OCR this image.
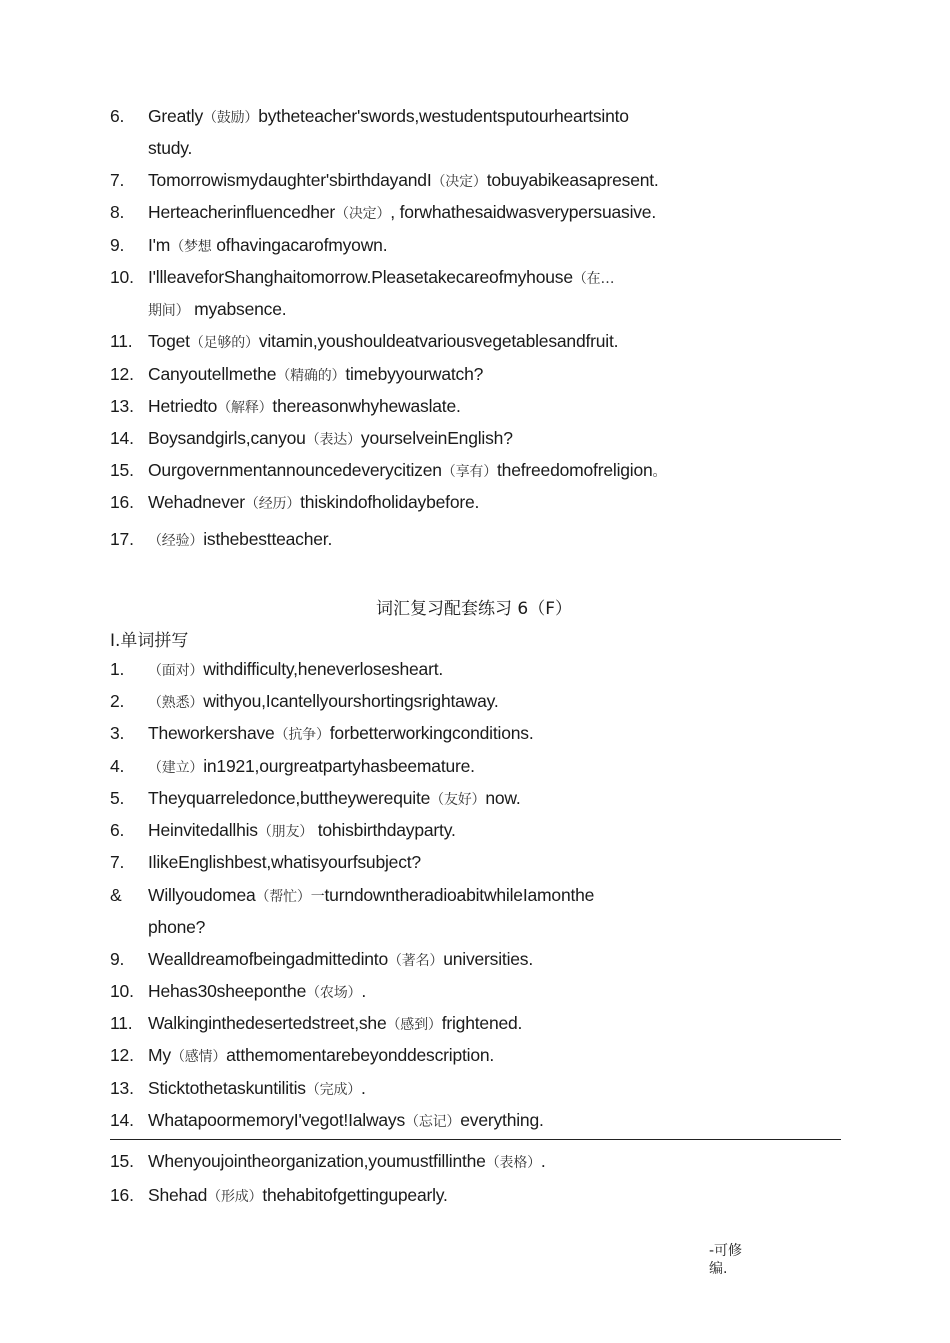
6. Greatly（鼓励）bytheteacher'swords,westudentsputourheartsinto
study.
7. Tomorrowismydaughter'sbirthdayandI（决定）tobuyabikeasapresent.
8. Herteacherinfluencedher（决定）, forwhathesaidwasverypersuasive.
9. I'm（梦想 ofhavingacarofmyown.
10. I'llleaveforShanghaitomorrow.Pleasetakecareofmyhouse（在…
期间） myabsence.
11. Toget（足够的）vitamin,youshouldeatvariousvegetablesandfruit.
12. Canyoutellmethe（精确的）timebyyourwatch?
13. Hetriedto（解释）thereasonwhyhewaslate.
14. Boysandgirls,canyou（表达）yourselveinEnglish?
15. Ourgovernmentannouncedeverycitizen（享有）thefreedomofreligion。
16. Wehadnever（经历）thiskindofholidaybefore.
17. （经验）isthebestteacher.
词汇复习配套练习 6（F）
I.单词拼写
1. （面对）withdifficulty,heneverlosesheart.
2. （熟悉）withyou,Icantellyourshortingsrightaway.
3. Theworkershave（抗争）forbetterworkingconditions.
4. （建立）in1921,ourgreatpartyhasbeemature.
5. Theyquarreledonce,buttheywerequite（友好）now.
6. Heinvitedallhis（朋友） tohisbirthdayparty.
7. IlikeEnglishbest,whatisyourfsubject?
& Willyoudomea（帮忙）一turndowntheradioabitwhileIamonthe
phone?
9. Wealldreamofbeingadmittedinto（著名）universities.
10. Hehas30sheeponthe（农场）.
11. Walkinginthedesertedstreet,she（感到）frightened.
12. My（感情）atthemomentarebeyonddescription.
13. Sticktothetaskuntilitis（完成）.
14. WhatapoormemoryI'vegot!Ialways（忘记）everything.
15. Whenyoujointheorganization,youmustfillinthe（表格）.
16. Shehad（形成）thehabitofgettingupearly.
-可修
编.
